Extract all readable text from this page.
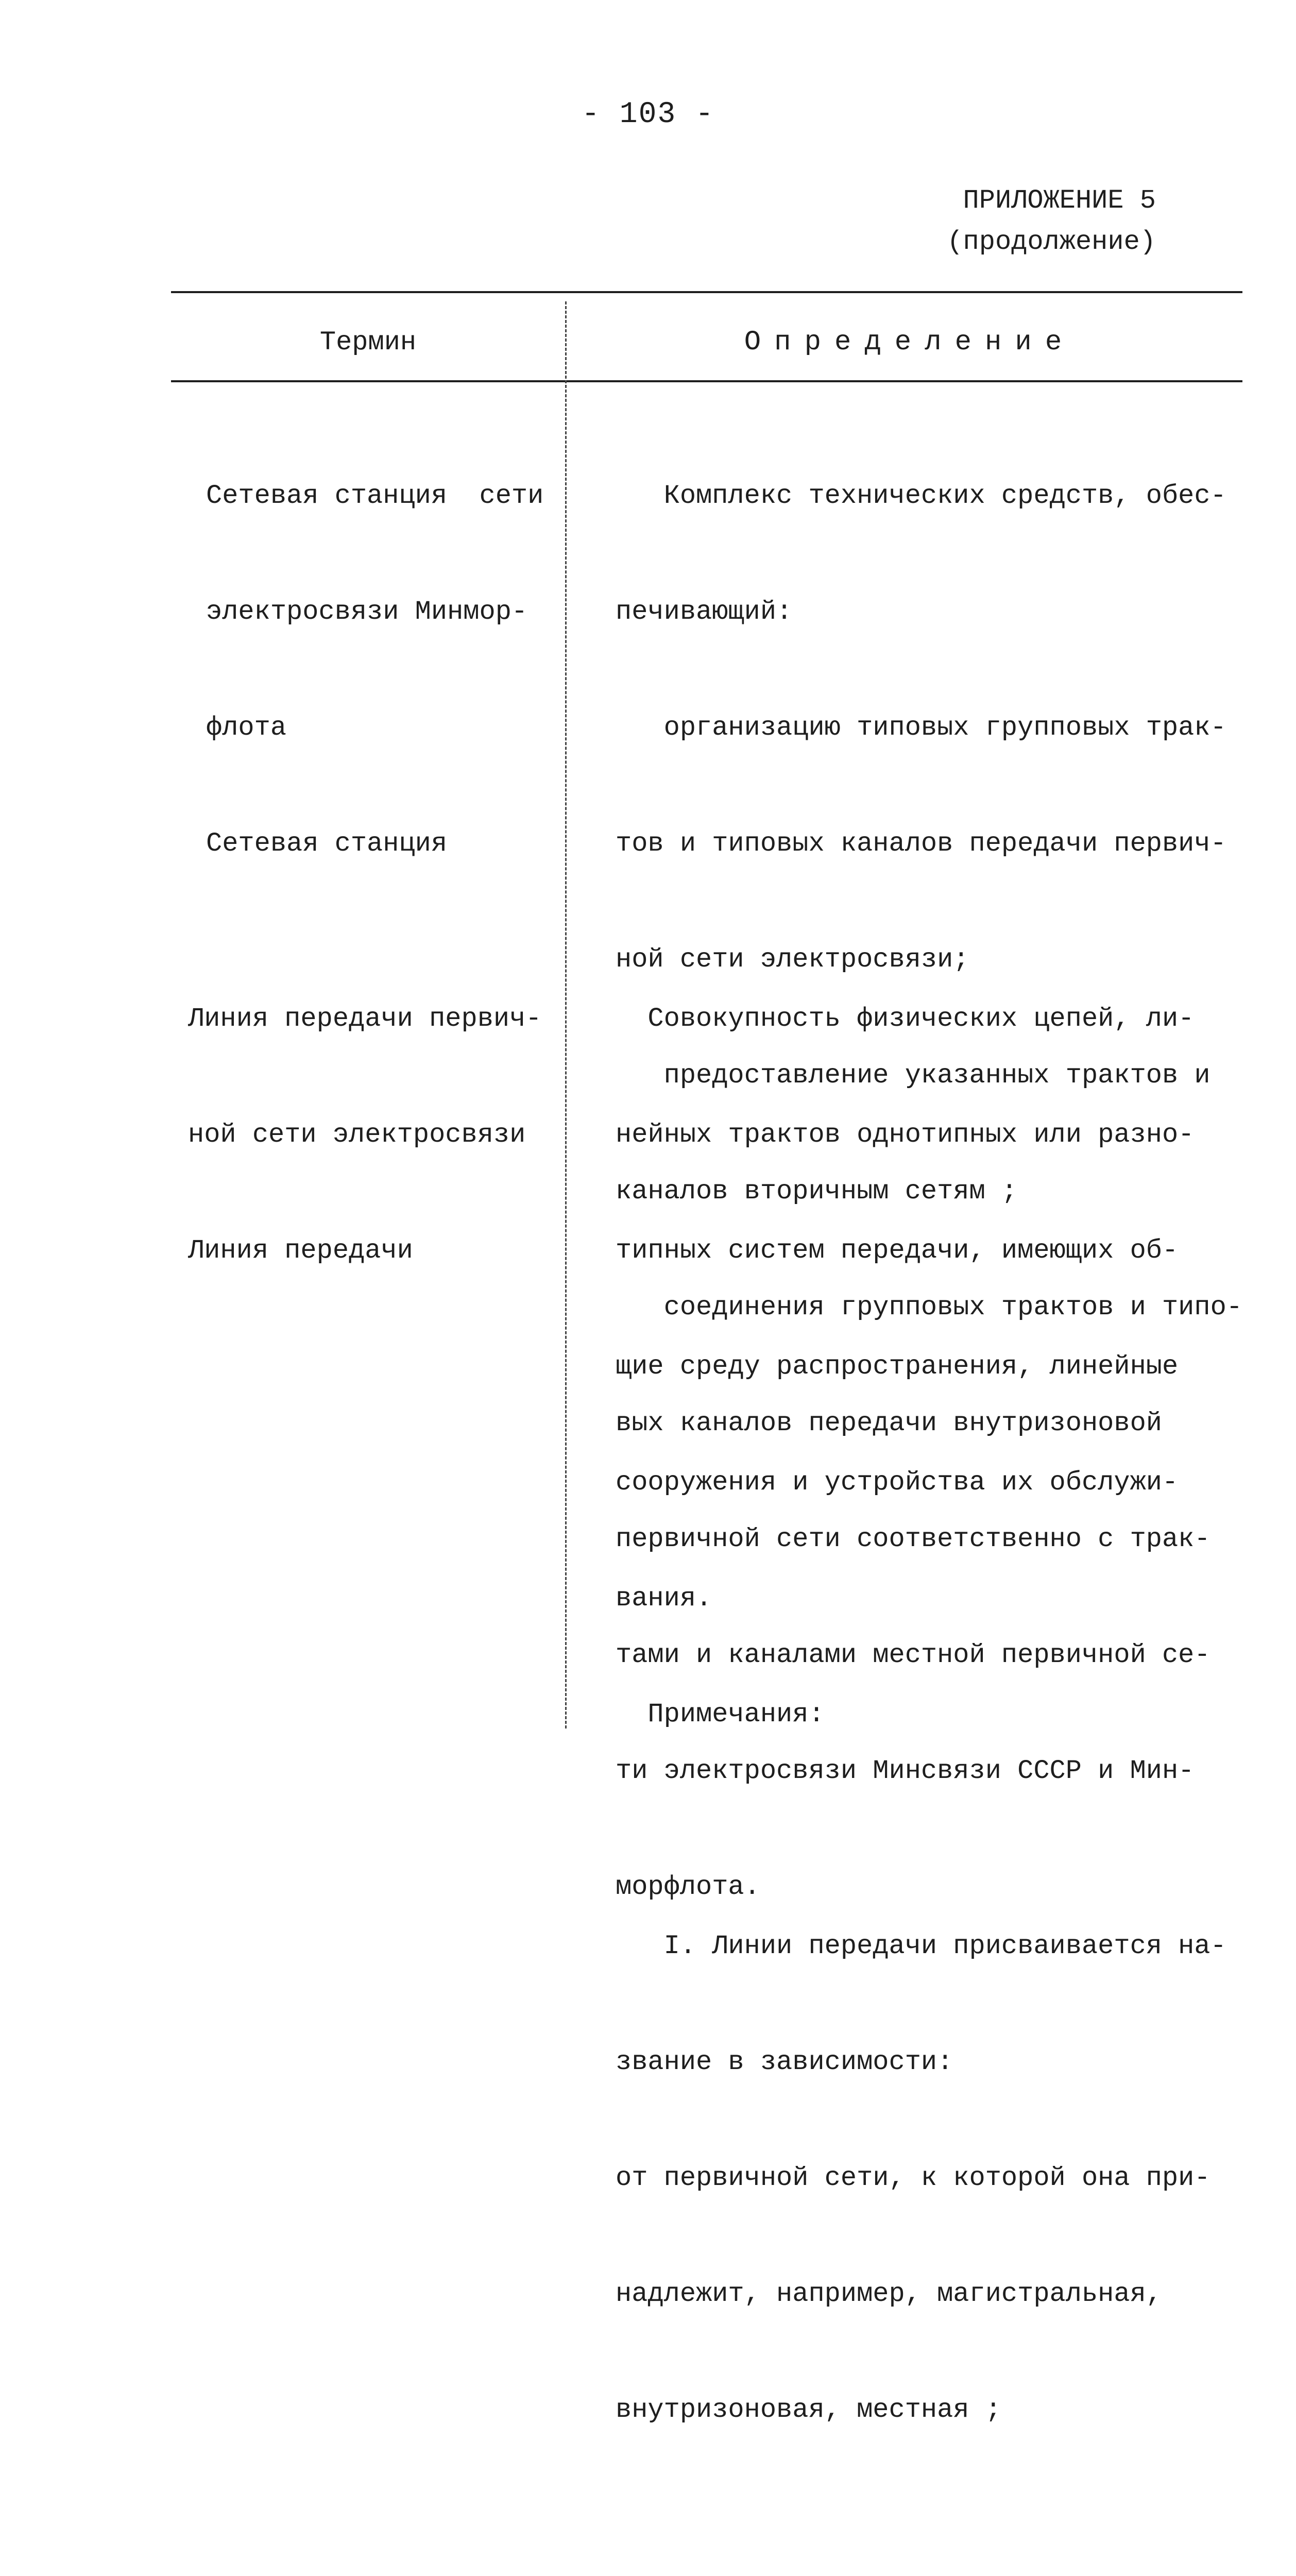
- 103 -
ПРИЛОЖЕНИЕ 5
(продолжение)
Термин	Определение

Сетевая станция  сети

электросвязи Минмор-

флота

Сетевая станция

Комплекс технических средств, обес-

печивающий:

организацию типовых групповых трак-

тов и типовых каналов передачи первич-

ной сети электросвязи;

предоставление указанных трактов и

каналов вторичным сетям ;

соединения групповых трактов и типо-

вых каналов передачи внутризоновой

первичной сети соответственно с трак-

тами и каналами местной первичной се-

ти электросвязи Минсвязи СССР и Мин-

морфлота.

Линия передачи первич-

ной сети электросвязи

Линия передачи

Совокупность физических цепей, ли-

нейных трактов однотипных или разно-

типных систем передачи, имеющих об-

щие среду распространения, линейные

сооружения и устройства их обслужи-

вания.

Примечания:

I. Линии передачи присваивается на-

звание в зависимости:

от первичной сети, к которой она при-

надлежит, например, магистральная,

внутризоновая, местная ;
